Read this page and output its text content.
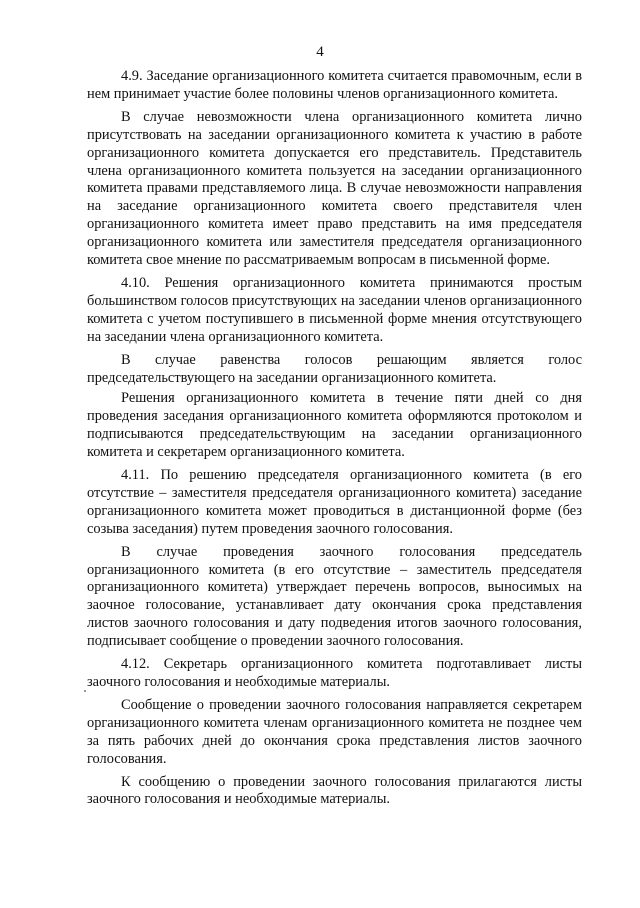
4

4.9. Заседание организационного комитета считается правомочным, если в нем принимает участие более половины членов организационного комитета.

В случае невозможности члена организационного комитета лично присутствовать на заседании организационного комитета к участию в работе организационного комитета допускается его представитель. Представитель члена организационного комитета пользуется на заседании организационного комитета правами представляемого лица. В случае невозможности направления на заседание организационного комитета своего представителя член организационного комитета имеет право представить на имя председателя организационного комитета или заместителя председателя организационного комитета свое мнение по рассматриваемым вопросам в письменной форме.

4.10. Решения организационного комитета принимаются простым большинством голосов присутствующих на заседании членов организационного комитета с учетом поступившего в письменной форме мнения отсутствующего на заседании члена организационного комитета.

В случае равенства голосов решающим является голос председательствующего на заседании организационного комитета.

Решения организационного комитета в течение пяти дней со дня проведения заседания организационного комитета оформляются протоколом и подписываются председательствующим на заседании организационного комитета и секретарем организационного комитета.

4.11. По решению председателя организационного комитета (в его отсутствие – заместителя председателя организационного комитета) заседание организационного комитета может проводиться в дистанционной форме (без созыва заседания) путем проведения заочного голосования.

В случае проведения заочного голосования председатель организационного комитета (в его отсутствие – заместитель председателя организационного комитета) утверждает перечень вопросов, выносимых на заочное голосование, устанавливает дату окончания срока представления листов заочного голосования и дату подведения итогов заочного голосования, подписывает сообщение о проведении заочного голосования.

4.12. Секретарь организационного комитета подготавливает листы заочного голосования и необходимые материалы.

Сообщение о проведении заочного голосования направляется секретарем организационного комитета членам организационного комитета не позднее чем за пять рабочих дней до окончания срока представления листов заочного голосования.

К сообщению о проведении заочного голосования прилагаются листы заочного голосования и необходимые материалы.
